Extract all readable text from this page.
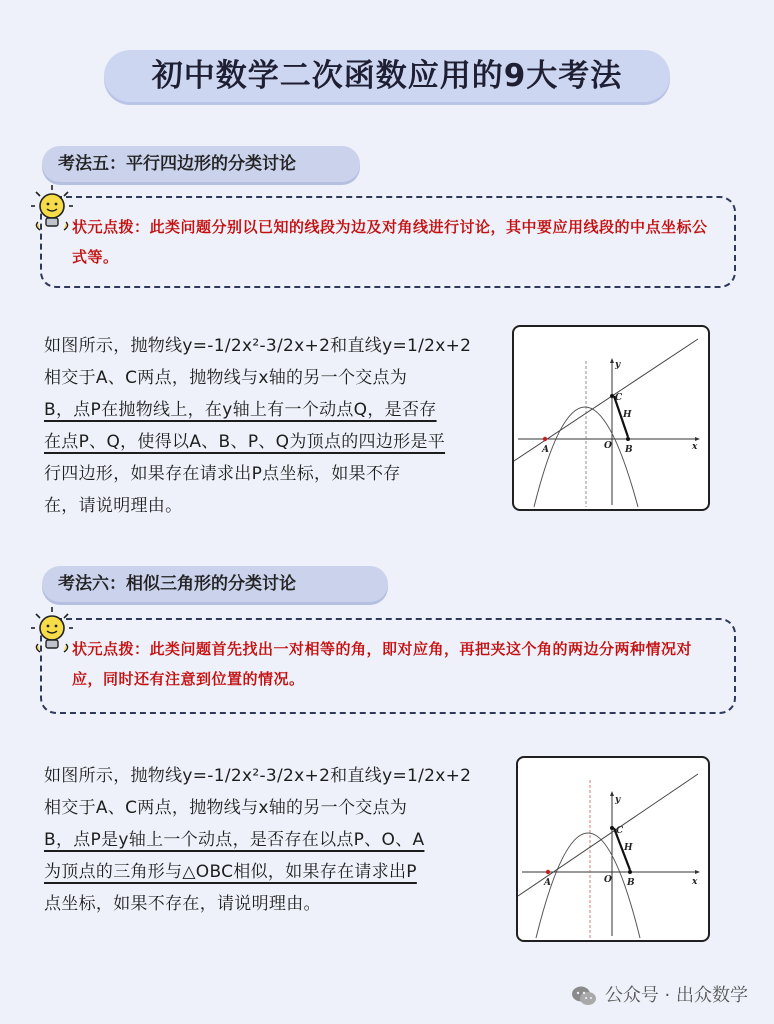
初中数学二次函数应用的9大考法
考法五：平行四边形的分类讨论
状元点拨：此类问题分别以已知的线段为边及对角线进行讨论，其中要应用线段的中点坐标公式等。
如图所示，抛物线y=-1/2x²-3/2x+2和直线y=1/2x+2
相交于A、C两点，抛物线与x轴的另一个交点为
B，点P在抛物线上，在y轴上有一个动点Q，是否存
在点P、Q，使得以A、B、P、Q为顶点的四边形是平
行四边形，如果存在请求出P点坐标，如果不存
在，请说明理由。
y
x
A	B
C
O
H
考法六：相似三角形的分类讨论
状元点拨：此类问题首先找出一对相等的角，即对应角，再把夹这个角的两边分两种情况对应，同时还有注意到位置的情况。
如图所示，抛物线y=-1/2x²-3/2x+2和直线y=1/2x+2
相交于A、C两点，抛物线与x轴的另一个交点为
B，点P是y轴上一个动点，是否存在以点P、O、A
为顶点的三角形与△OBC相似，如果存在请求出P
点坐标，如果不存在，请说明理由。
y
x
A	B
C
O
H
公众号 · 出众数学
